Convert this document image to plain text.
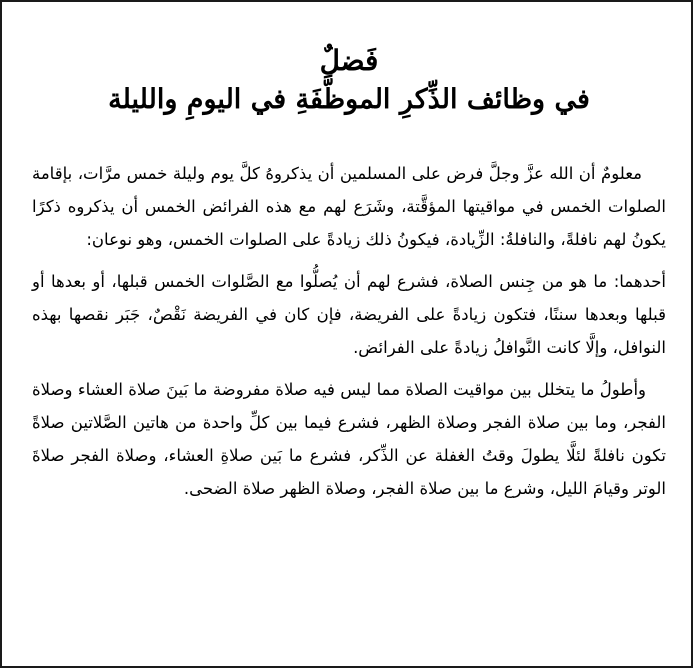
فَضلٌ
في وظائف الذِّكرِ الموظَّفَةِ في اليومِ والليلة

معلومٌ أن الله عزَّ وجلَّ فرض على المسلمين أن يذكروهُ كلَّ يوم وليلة خمس مرَّات، بإقامة الصلوات الخمس في مواقيتها المؤقَّتة، وشَرَع لهم مع هذه الفرائض الخمس أن يذكروه ذكرًا يكونُ لهم نافلةً، والنافلةُ: الزِّيادة، فيكونُ ذلك زيادةً على الصلوات الخمس، وهو نوعان:

أحدهما: ما هو من جِنس الصلاة، فشرع لهم أن يُصلُّوا مع الصَّلوات الخمس قبلها، أو بعدها أو قبلها وبعدها سننًا، فتكون زيادةً على الفريضة، فإن كان في الفريضة نَقْصٌ، جَبَر نقصها بهذه النوافل، وإلَّا كانت النَّوافلُ زيادةً على الفرائض.

وأطولُ ما يتخلل بين مواقيت الصلاة مما ليس فيه صلاة مفروضة ما بَينَ صلاة العشاء وصلاة الفجر، وما بين صلاة الفجر وصلاة الظهر، فشرع فيما بين كلِّ واحدة من هاتين الصَّلاتين صلاةً تكون نافلةً لئلَّا يطولَ وقتُ الغفلة عن الذِّكر، فشرع ما بَين صلاةِ العشاء، وصلاة الفجر صلاةَ الوتر وقيامَ الليل، وشرع ما بين صلاة الفجر، وصلاة الظهر صلاة الضحى.
